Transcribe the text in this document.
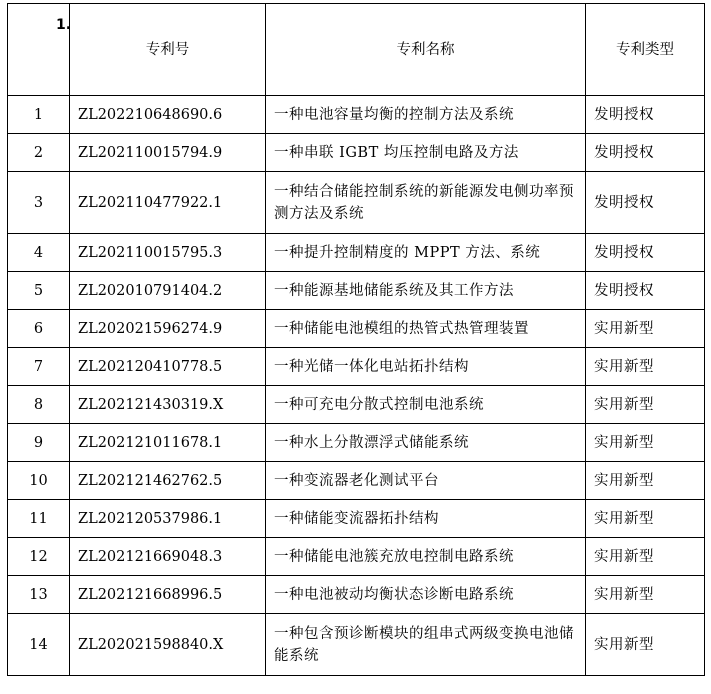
1.	专利号	专利名称	专利类型
1	ZL202210648690.6	一种电池容量均衡的控制方法及系统	发明授权
2	ZL202110015794.9	一种串联 IGBT 均压控制电路及方法	发明授权
3	ZL202110477922.1	一种结合储能控制系统的新能源发电侧功率预测方法及系统	发明授权
4	ZL202110015795.3	一种提升控制精度的 MPPT 方法、系统	发明授权
5	ZL202010791404.2	一种能源基地储能系统及其工作方法	发明授权
6	ZL202021596274.9	一种储能电池模组的热管式热管理装置	实用新型
7	ZL202120410778.5	一种光储一体化电站拓扑结构	实用新型
8	ZL202121430319.X	一种可充电分散式控制电池系统	实用新型
9	ZL202121011678.1	一种水上分散漂浮式储能系统	实用新型
10	ZL202121462762.5	一种变流器老化测试平台	实用新型
11	ZL202120537986.1	一种储能变流器拓扑结构	实用新型
12	ZL202121669048.3	一种储能电池簇充放电控制电路系统	实用新型
13	ZL202121668996.5	一种电池被动均衡状态诊断电路系统	实用新型
14	ZL202021598840.X	一种包含预诊断模块的组串式两级变换电池储能系统	实用新型
